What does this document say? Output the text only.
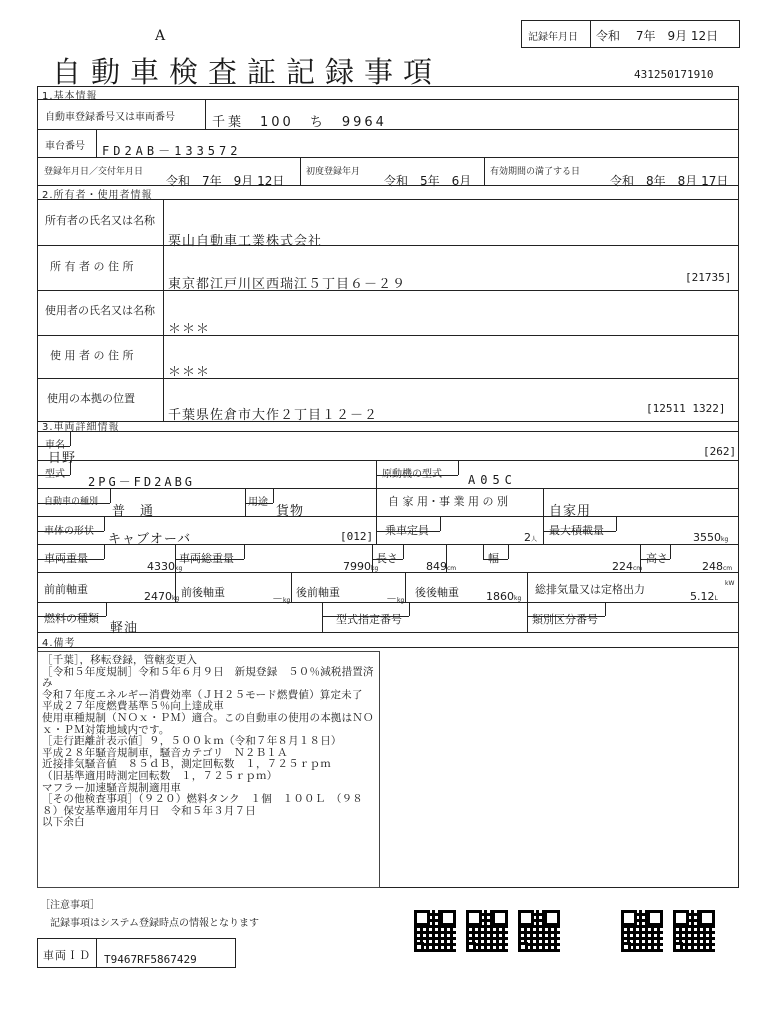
A	記録年月日 令和　 7年　9月 12日
自動車検査証記録事項	431250171910
1.基本情報
自動車登録番号又は車両番号	千葉　100　ち　9964
車台番号 FD2AB－133572
登録年月日／交付年月日
令和　7年　9月 12日
初度登録年月
令和　5年　6月
有効期間の満了する日
令和　8年　8月 17日
2.所有者・使用者情報
所有者の氏名又は名称
栗山自動車工業株式会社
所 有 者 の 住 所
東京都江戸川区西瑞江５丁目６－２９	[21735]
使用者の氏名又は名称
＊＊＊
使 用 者 の 住 所
＊＊＊
使用の本拠の位置
千葉県佐倉市大作２丁目１２－２	[12511 1322]
3.車両詳細情報
車名
日野	[262]
型式
2PG－FD2ABG
原動機の型式 A05C
自動車の種別
普　通
用途
貨物
自 家 用・事 業 用 の 別
自家用
車体の形状
キャブオーバ	[012] 乗車定員
2人
最大積載量
3550kg
車両重量
4330kg
車両総重量
7990kg
長さ
849cm
幅
224cm
高さ
248cm
前前軸重
2470kg 前後軸重	－kg
後前軸重	－kg
後後軸重 1860kg
総排気量又は定格出力
5.12L
kW
燃料の種類
軽油
型式指定番号	類別区分番号
4.備考
［千葉］，移転登録，管轄変更入
［令和５年度規制］令和５年６月９日　新規登録　５０％減税措置済
み
令和７年度エネルギー消費効率（ＪＨ２５モード燃費値）算定未了
平成２７年度燃費基準５％向上達成車
使用車種規制（ＮＯｘ・ＰＭ）適合。この自動車の使用の本拠はＮＯ
ｘ・ＰＭ対策地域内です。
［走行距離計表示値］９，５００ｋｍ（令和７年８月１８日）
平成２８年騒音規制車，騒音カテゴリ　Ｎ２Ｂ１Ａ
近接排気騒音値　８５ｄＢ，測定回転数　１，７２５ｒｐｍ
（旧基準適用時測定回転数　１，７２５ｒｐｍ）
マフラー加速騒音規制適用車
［その他検査事項］（９２０）燃料タンク　１個　１００Ｌ　（９８
８）保安基準適用年月日　令和５年３月７日
以下余白
［注意事項］
記録事項はシステム登録時点の情報となります
車両ＩＤ T9467RF5867429
